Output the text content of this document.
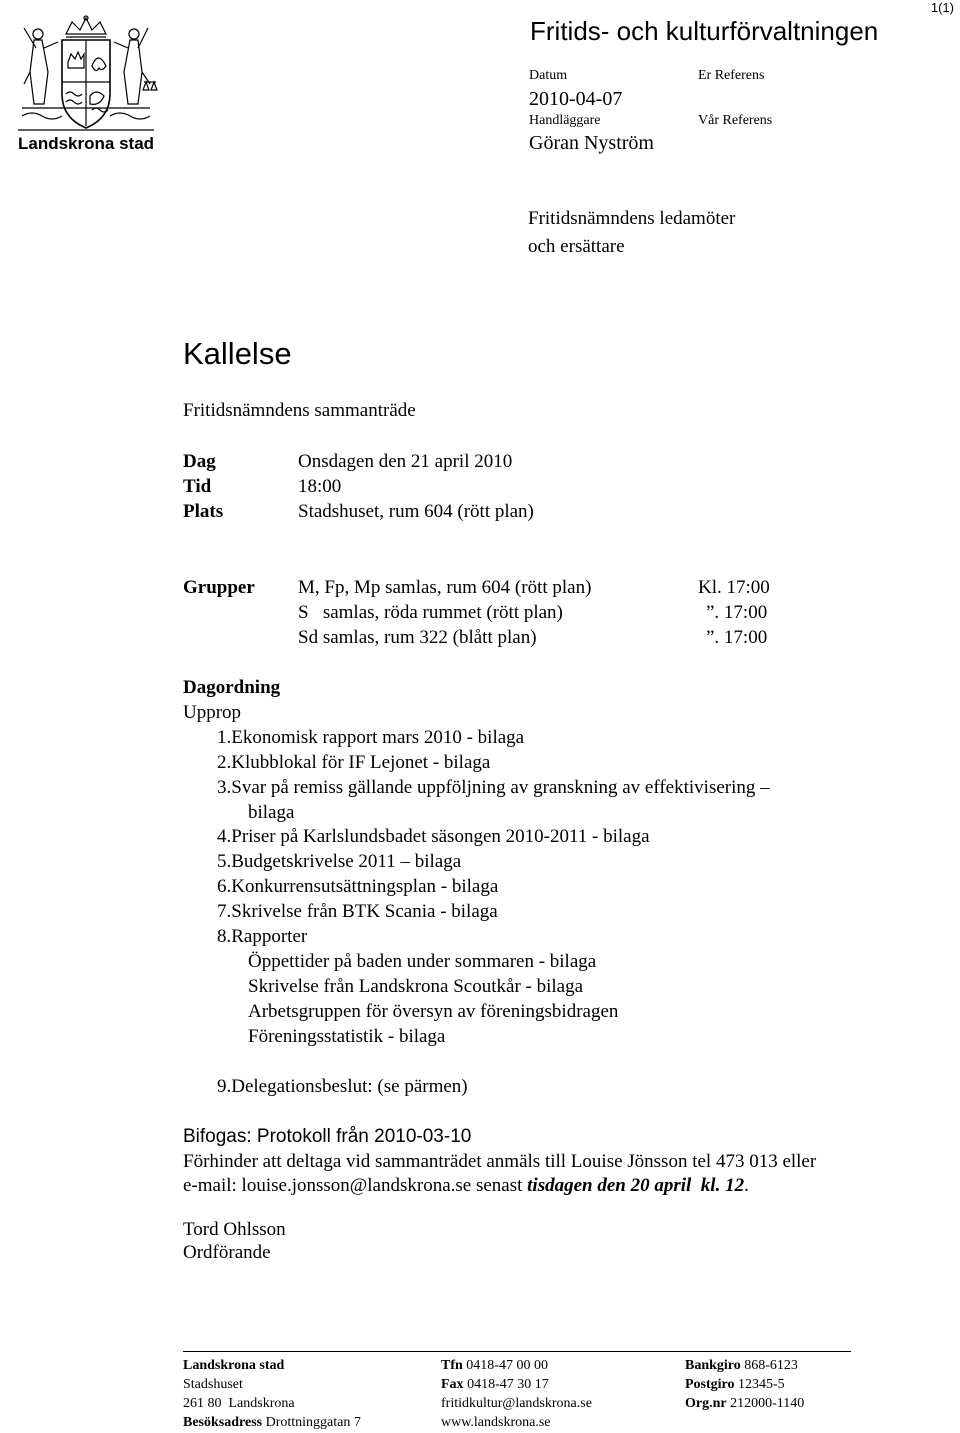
1(1)
Landskrona stad
Fritids- och kulturförvaltningen
Datum
2010-04-07
Handläggare
Göran Nyström
Er Referens
Vår Referens
Fritidsnämndens ledamöter
och ersättare
Kallelse
Fritidsnämndens sammanträde
Dag	Onsdagen den 21 april 2010
Tid	18:00
Plats	Stadshuset, rum 604 (rött plan)
Grupper M, Fp, Mp samlas, rum 604 (rött plan)	Kl. 17:00
S   samlas, röda rummet (rött plan)	”. 17:00
Sd samlas, rum 322 (blått plan)	”. 17:00
Dagordning
Upprop
1.Ekonomisk rapport mars 2010 - bilaga
2.Klubblokal för IF Lejonet - bilaga
3.Svar på remiss gällande uppföljning av granskning av effektivisering –
bilaga
4.Priser på Karlslundsbadet säsongen 2010-2011 - bilaga
5.Budgetskrivelse 2011 – bilaga
6.Konkurrensutsättningsplan - bilaga
7.Skrivelse från BTK Scania - bilaga
8.Rapporter
Öppettider på baden under sommaren - bilaga
Skrivelse från Landskrona Scoutkår - bilaga
Arbetsgruppen för översyn av föreningsbidragen
Föreningsstatistik - bilaga
9.Delegationsbeslut: (se pärmen)
Bifogas: Protokoll från 2010-03-10
Förhinder att deltaga vid sammanträdet anmäls till Louise Jönsson tel 473 013 eller
e-mail: louise.jonsson@landskrona.se senast tisdagen den 20 april  kl. 12.
Tord Ohlsson
Ordförande
Landskrona stad
Stadshuset
261 80  Landskrona
Besöksadress Drottninggatan 7
Tfn 0418-47 00 00
Fax 0418-47 30 17
fritidkultur@landskrona.se
www.landskrona.se
Bankgiro 868-6123
Postgiro 12345-5
Org.nr 212000-1140
